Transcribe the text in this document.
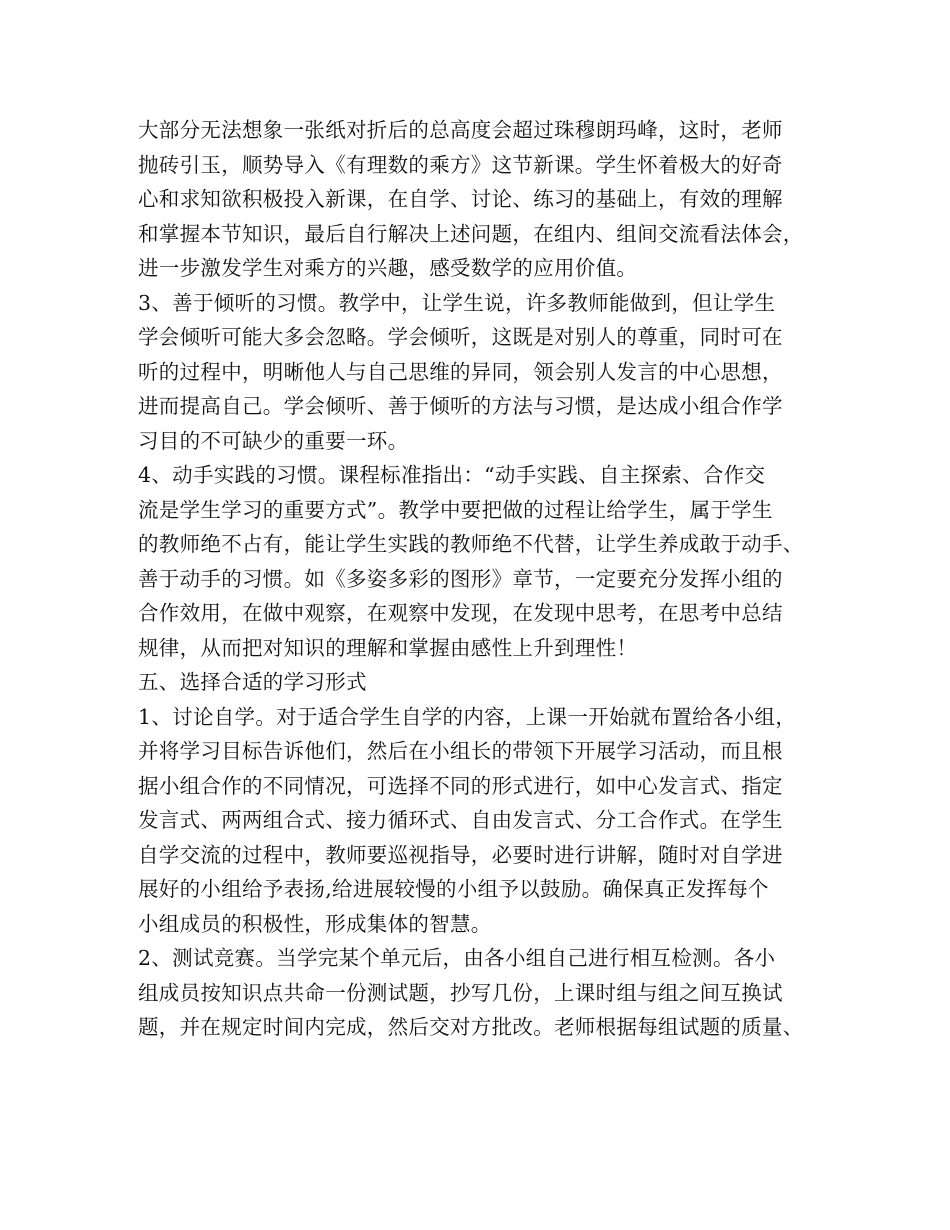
大部分无法想象一张纸对折后的总高度会超过珠穆朗玛峰，这时，老师
抛砖引玉，顺势导入《有理数的乘方》这节新课。学生怀着极大的好奇
心和求知欲积极投入新课，在自学、讨论、练习的基础上，有效的理解
和掌握本节知识，最后自行解决上述问题，在组内、组间交流看法体会，
进一步激发学生对乘方的兴趣，感受数学的应用价值。
3、善于倾听的习惯。教学中，让学生说，许多教师能做到，但让学生
学会倾听可能大多会忽略。学会倾听，这既是对别人的尊重，同时可在
听的过程中，明晰他人与自己思维的异同，领会别人发言的中心思想，
进而提高自己。学会倾听、善于倾听的方法与习惯，是达成小组合作学
习目的不可缺少的重要一环。
4、动手实践的习惯。课程标准指出：“动手实践、自主探索、合作交
流是学生学习的重要方式”。教学中要把做的过程让给学生，属于学生
的教师绝不占有，能让学生实践的教师绝不代替，让学生养成敢于动手、
善于动手的习惯。如《多姿多彩的图形》章节，一定要充分发挥小组的
合作效用，在做中观察，在观察中发现，在发现中思考，在思考中总结
规律，从而把对知识的理解和掌握由感性上升到理性！
五、选择合适的学习形式
1、讨论自学。对于适合学生自学的内容，上课一开始就布置给各小组，
并将学习目标告诉他们，然后在小组长的带领下开展学习活动，而且根
据小组合作的不同情况，可选择不同的形式进行，如中心发言式、指定
发言式、两两组合式、接力循环式、自由发言式、分工合作式。在学生
自学交流的过程中，教师要巡视指导，必要时进行讲解，随时对自学进
展好的小组给予表扬,给进展较慢的小组予以鼓励。确保真正发挥每个
小组成员的积极性，形成集体的智慧。
2、测试竞赛。当学完某个单元后，由各小组自己进行相互检测。各小
组成员按知识点共命一份测试题，抄写几份，上课时组与组之间互换试
题，并在规定时间内完成，然后交对方批改。老师根据每组试题的质量、
